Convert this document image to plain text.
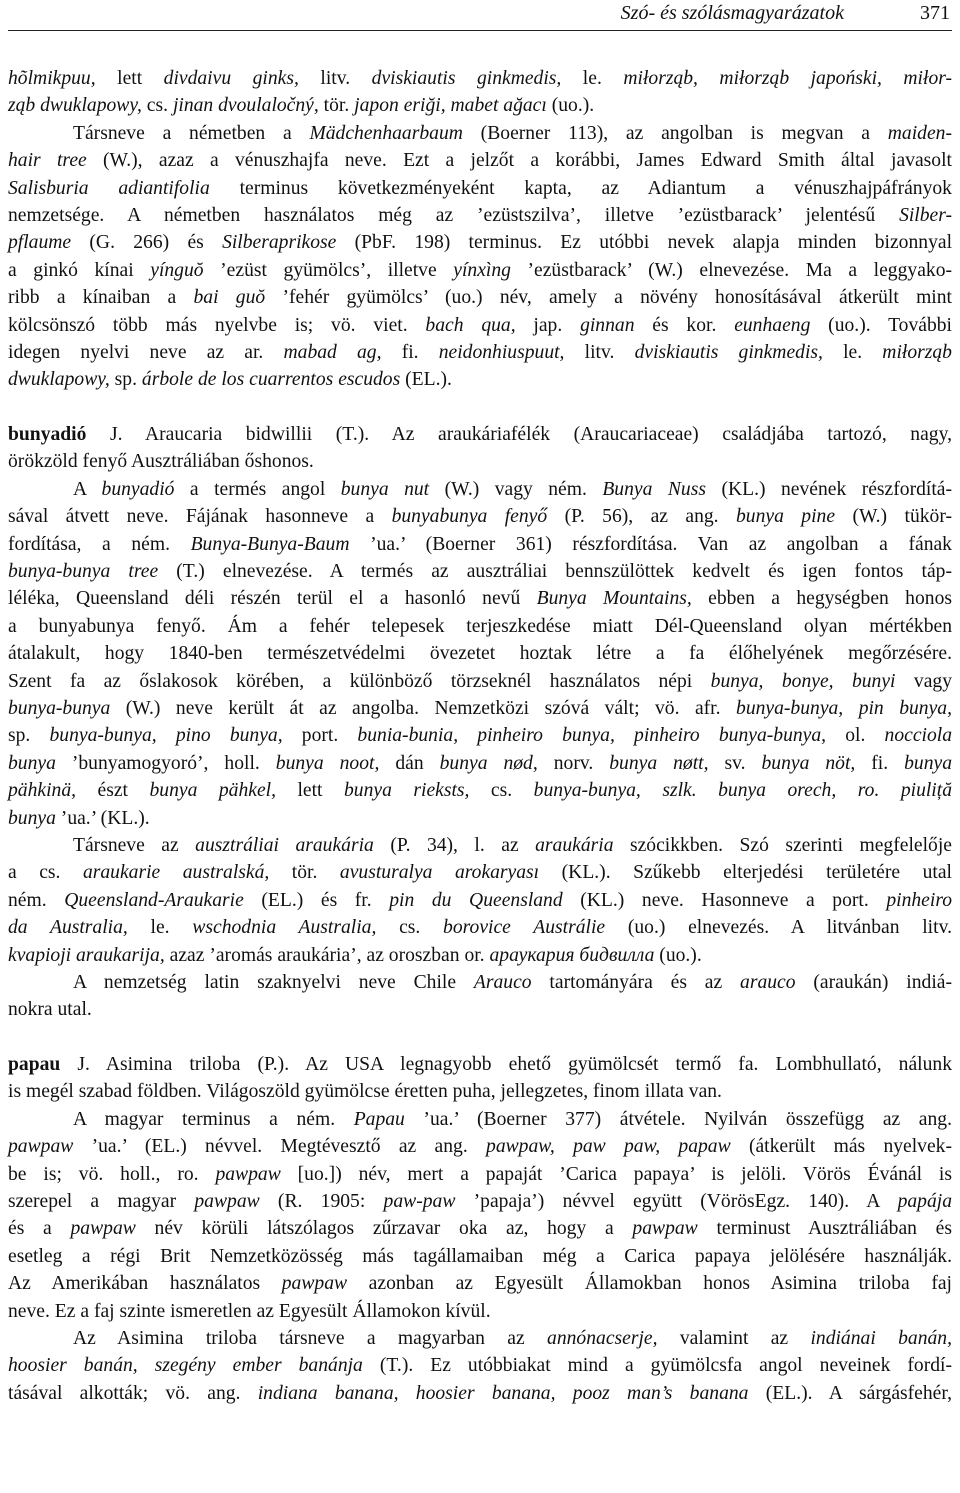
Szó- és szólásmagyarázatok	371
hõlmikpuu, lett divdaivu ginks, litv. dviskiautis ginkmedis, le. miłorząb, miłorząb japoński, miłor-
ząb dwuklapowy, cs. jinan dvoulaločný, tör. japon eriği, mabet ağacı (uo.).
Társneve a németben a Mädchenhaarbaum (Boerner 113), az angolban is megvan a maiden-
hair tree (W.), azaz a vénuszhajfa neve. Ezt a jelzőt a korábbi, James Edward Smith által javasolt
Salisburia adiantifolia terminus következményeként kapta, az Adiantum a vénuszhajpáfrányok
nemzetsége. A németben használatos még az ’ezüstszilva’, illetve ’ezüstbarack’ jelentésű Silber-
pflaume (G. 266) és Silberaprikose (PbF. 198) terminus. Ez utóbbi nevek alapja minden bizonnyal
a ginkó kínai yínguŏ ’ezüst gyümölcs’, illetve yínxìng ’ezüstbarack’ (W.) elnevezése. Ma a leggyako-
ribb a kínaiban a bai guŏ ’fehér gyümölcs’ (uo.) név, amely a növény honosításával átkerült mint
kölcsönszó több más nyelvbe is; vö. viet. bach qua, jap. ginnan és kor. eunhaeng (uo.). További
idegen nyelvi neve az ar. mabad ag, fi. neidonhiuspuut, litv. dviskiautis ginkmedis, le. miłorząb
dwuklapowy, sp. árbole de los cuarrentos escudos (EL.).
bunyadió J. Araucaria bidwillii (T.). Az araukáriafélék (Araucariaceae) családjába tartozó, nagy,
örökzöld fenyő Ausztráliában őshonos.
A bunyadió a termés angol bunya nut (W.) vagy ném. Bunya Nuss (KL.) nevének részfordítá-
sával átvett neve. Fájának hasonneve a bunyabunya fenyő (P. 56), az ang. bunya pine (W.) tükör-
fordítása, a ném. Bunya-Bunya-Baum ’ua.’ (Boerner 361) részfordítása. Van az angolban a fának
bunya-bunya tree (T.) elnevezése. A termés az ausztráliai bennszülöttek kedvelt és igen fontos táp-
léléka, Queensland déli részén terül el a hasonló nevű Bunya Mountains, ebben a hegységben honos
a bunyabunya fenyő. Ám a fehér telepesek terjeszkedése miatt Dél-Queensland olyan mértékben
átalakult, hogy 1840-ben természetvédelmi övezetet hoztak létre a fa élőhelyének megőrzésére.
Szent fa az őslakosok körében, a különböző törzseknél használatos népi bunya, bonye, bunyi vagy
bunya-bunya (W.) neve került át az angolba. Nemzetközi szóvá vált; vö. afr. bunya-bunya, pin bunya,
sp. bunya-bunya, pino bunya, port. bunia-bunia, pinheiro bunya, pinheiro bunya-bunya, ol. nocciola
bunya ’bunyamogyoró’, holl. bunya noot, dán bunya nød, norv. bunya nøtt, sv. bunya nöt, fi. bunya
pähkinä, észt bunya pähkel, lett bunya rieksts, cs. bunya-bunya, szlk. bunya orech, ro. piuliță
bunya ’ua.’ (KL.).
Társneve az ausztráliai araukária (P. 34), l. az araukária szócikkben. Szó szerinti megfelelője
a cs. araukarie australská, tör. avusturalya arokaryası (KL.). Szűkebb elterjedési területére utal
ném. Queensland-Araukarie (EL.) és fr. pin du Queensland (KL.) neve. Hasonneve a port. pinheiro
da Australia, le. wschodnia Australia, cs. borovice Austrálie (uo.) elnevezés. A litvánban litv.
kvapioji araukarija, azaz ’aromás araukária’, az oroszban or. араукария бидвилла (uo.).
A nemzetség latin szaknyelvi neve Chile Arauco tartományára és az arauco (araukán) indiá-
nokra utal.
papau J. Asimina triloba (P.). Az USA legnagyobb ehető gyümölcsét termő fa. Lombhullató, nálunk
is megél szabad földben. Világoszöld gyümölcse éretten puha, jellegzetes, finom illata van.
A magyar terminus a ném. Papau ’ua.’ (Boerner 377) átvétele. Nyilván összefügg az ang.
pawpaw ’ua.’ (EL.) névvel. Megtévesztő az ang. pawpaw, paw paw, papaw (átkerült más nyelvek-
be is; vö. holl., ro. pawpaw [uo.]) név, mert a papaját ’Carica papaya’ is jelöli. Vörös Évánál is
szerepel a magyar pawpaw (R. 1905: paw-paw ’papaja’) névvel együtt (VörösEgz. 140). A papája
és a pawpaw név körüli látszólagos zűrzavar oka az, hogy a pawpaw terminust Ausztráliában és
esetleg a régi Brit Nemzetközösség más tagállamaiban még a Carica papaya jelölésére használják.
Az Amerikában használatos pawpaw azonban az Egyesült Államokban honos Asimina triloba faj
neve. Ez a faj szinte ismeretlen az Egyesült Államokon kívül.
Az Asimina triloba társneve a magyarban az annónacserje, valamint az indiánai banán,
hoosier banán, szegény ember banánja (T.). Ez utóbbiakat mind a gyümölcsfa angol neveinek fordí-
tásával alkották; vö. ang. indiana banana, hoosier banana, pooz man’s banana (EL.). A sárgásfehér,
